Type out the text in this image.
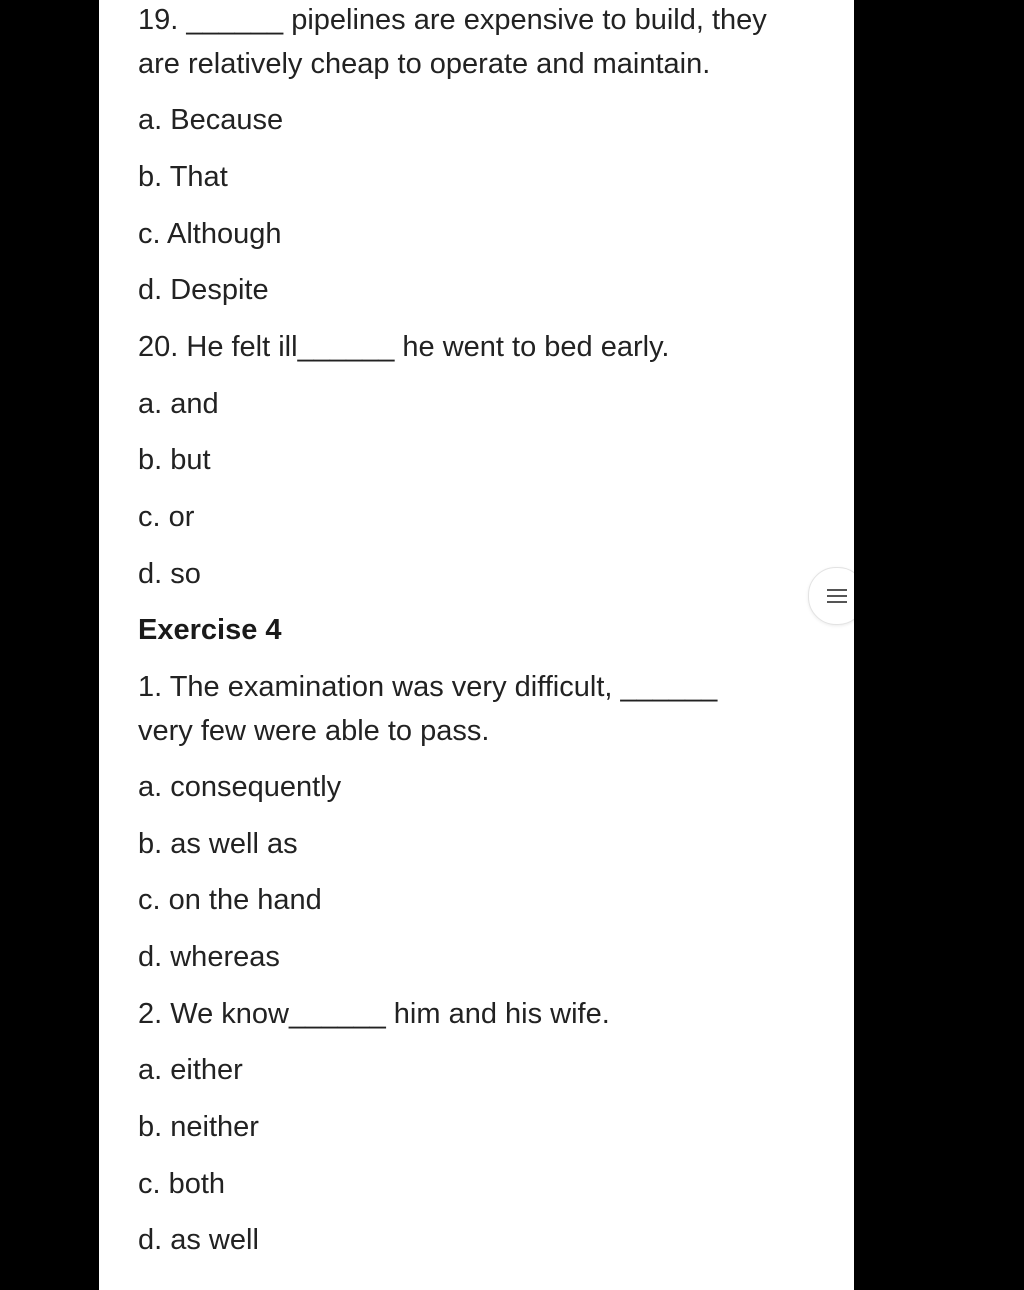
19. ______ pipelines are expensive to build, they
are relatively cheap to operate and maintain.
a. Because
b. That
c. Although
d. Despite
20. He felt ill______ he went to bed early.
a. and
b. but
c. or
d. so
Exercise 4
1. The examination was very difficult, ______
very few were able to pass.
a. consequently
b. as well as
c. on the hand
d. whereas
2. We know______ him and his wife.
a. either
b. neither
c. both
d. as well
